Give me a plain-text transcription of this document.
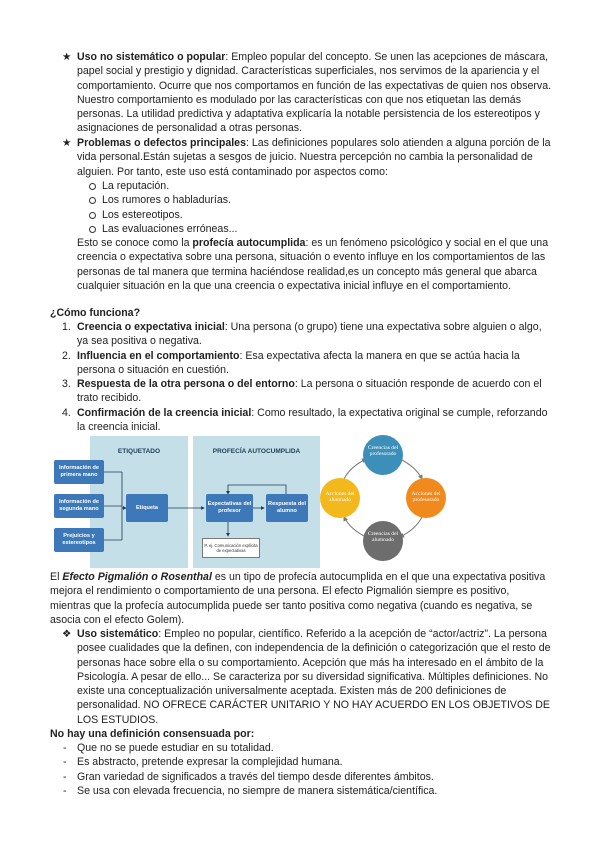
★ Uso no sistemático o popular: Empleo popular del concepto. Se unen las acepciones de máscara, papel social y prestigio y dignidad. Características superficiales, nos servimos de la apariencia y el comportamiento. Ocurre que nos comportamos en función de las expectativas de quien nos observa. Nuestro comportamiento es modulado por las características con que nos etiquetan las demás personas. La utilidad predictiva y adaptativa explicaría la notable persistencia de los estereotipos y asignaciones de personalidad a otras personas.

★ Problemas o defectos principales: Las definiciones populares solo atienden a alguna porción de la vida personal.Están sujetas a sesgos de juicio. Nuestra percepción no cambia la personalidad de alguien. Por tanto, este uso está contaminado por aspectos como:

La reputación.
Los rumores o habladurías.
Los estereotipos.
Las evaluaciones erróneas...

Esto se conoce como la profecía autocumplida: es un fenómeno psicológico y social en el que una creencia o expectativa sobre una persona, situación o evento influye en los comportamientos de las personas de tal manera que termina haciéndose realidad,es un concepto más general que abarca cualquier situación en la que una creencia o expectativa inicial influye en el comportamiento.

¿Cómo funciona?

1. Creencia o expectativa inicial: Una persona (o grupo) tiene una expectativa sobre alguien o algo, ya sea positiva o negativa.
2. Influencia en el comportamiento: Esa expectativa afecta la manera en que se actúa hacia la persona o situación en cuestión.
3. Respuesta de la otra persona o del entorno: La persona o situación responde de acuerdo con el trato recibido.
4. Confirmación de la creencia inicial: Como resultado, la expectativa original se cumple, reforzando la creencia inicial.
ETIQUETADO	PROFECÍA AUTOCUMPLIDA
Información de primera mano
Información de segunda mano
Prejuicios y estereotipos
Etiqueta
Expectativas del profesor
Respuesta del alumno
P. ej. Comunicación explícita de expectativas
Creencias del profesorado
Acciones del profesorado
Creencias del alumnado
Acciones del alumnado

El Efecto Pigmalión o Rosenthal es un tipo de profecía autocumplida en el que una expectativa positiva mejora el rendimiento o comportamiento de una persona. El efecto Pigmalión siempre es positivo, mientras que la profecía autocumplida puede ser tanto positiva como negativa (cuando es negativa, se asocia con el efecto Golem).

❖ Uso sistemático: Empleo no popular, científico. Referido a la acepción de “actor/actriz”. La persona posee cualidades que la definen, con independencia de la definición o categorización que el resto de personas hace sobre ella o su comportamiento. Acepción que más ha interesado en el ámbito de la Psicología. A pesar de ello... Se caracteriza por su diversidad significativa. Múltiples definiciones. No existe una conceptualización universalmente aceptada. Existen más de 200 definiciones de personalidad. NO OFRECE CARÁCTER UNITARIO Y NO HAY ACUERDO EN LOS OBJETIVOS DE LOS ESTUDIOS.

No hay una definición consensuada por:

- Que no se puede estudiar en su totalidad.
- Es abstracto, pretende expresar la complejidad humana.
- Gran variedad de significados a través del tiempo desde diferentes ámbitos.
- Se usa con elevada frecuencia, no siempre de manera sistemática/científica.
